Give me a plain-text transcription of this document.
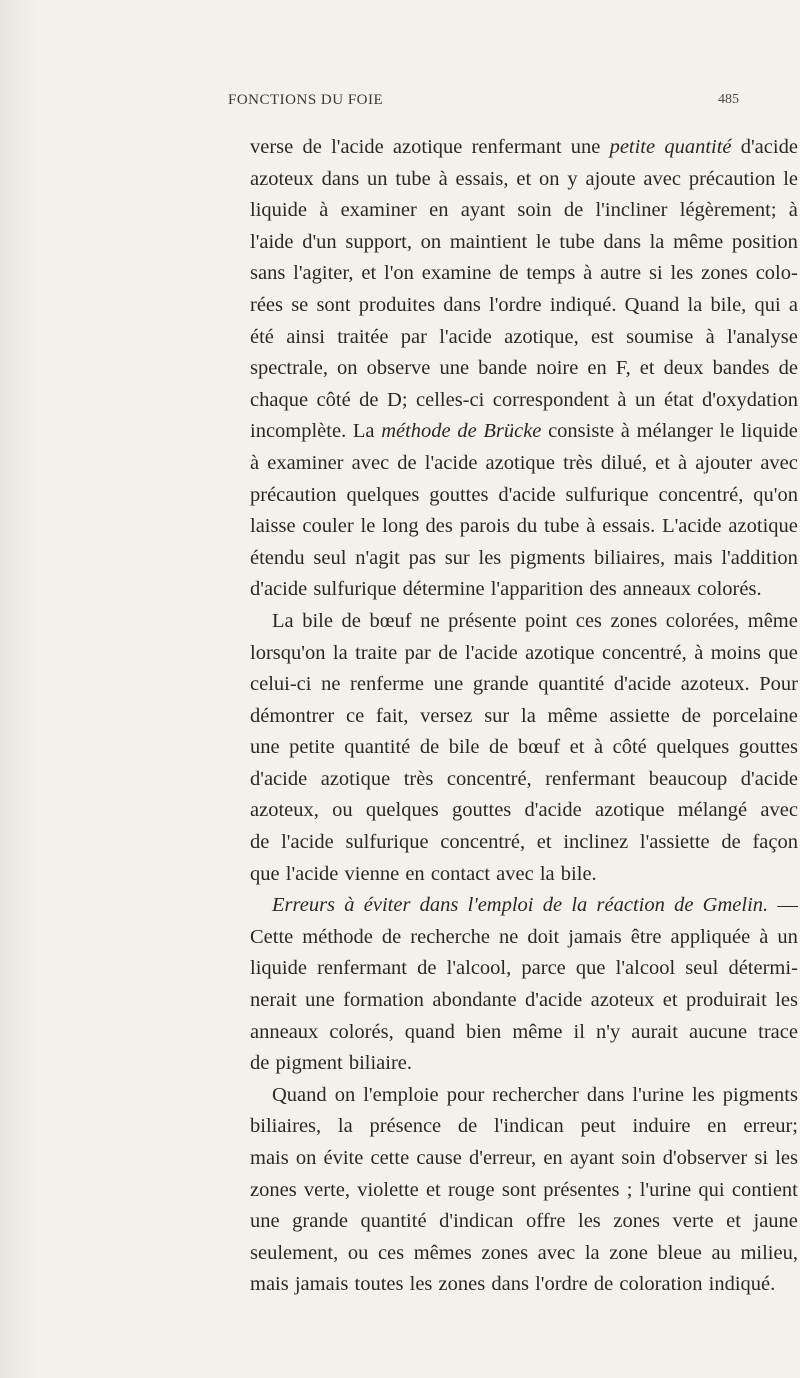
FONCTIONS DU FOIE	485
verse de l'acide azotique renfermant une petite quantité d'acide
azoteux dans un tube à essais, et on y ajoute avec précaution le
liquide à examiner en ayant soin de l'incliner légèrement; à
l'aide d'un support, on maintient le tube dans la même position
sans l'agiter, et l'on examine de temps à autre si les zones colo-
rées se sont produites dans l'ordre indiqué. Quand la bile, qui a
été ainsi traitée par l'acide azotique, est soumise à l'analyse
spectrale, on observe une bande noire en F, et deux bandes de
chaque côté de D; celles-ci correspondent à un état d'oxydation
incomplète. La méthode de Brücke consiste à mélanger le liquide
à examiner avec de l'acide azotique très dilué, et à ajouter avec
précaution quelques gouttes d'acide sulfurique concentré, qu'on
laisse couler le long des parois du tube à essais. L'acide azotique
étendu seul n'agit pas sur les pigments biliaires, mais l'addition
d'acide sulfurique détermine l'apparition des anneaux colorés.
La bile de bœuf ne présente point ces zones colorées, même
lorsqu'on la traite par de l'acide azotique concentré, à moins que
celui-ci ne renferme une grande quantité d'acide azoteux. Pour
démontrer ce fait, versez sur la même assiette de porcelaine
une petite quantité de bile de bœuf et à côté quelques gouttes
d'acide azotique très concentré, renfermant beaucoup d'acide
azoteux, ou quelques gouttes d'acide azotique mélangé avec
de l'acide sulfurique concentré, et inclinez l'assiette de façon
que l'acide vienne en contact avec la bile.
Erreurs à éviter dans l'emploi de la réaction de Gmelin. —
Cette méthode de recherche ne doit jamais être appliquée à un
liquide renfermant de l'alcool, parce que l'alcool seul détermi-
nerait une formation abondante d'acide azoteux et produirait les
anneaux colorés, quand bien même il n'y aurait aucune trace
de pigment biliaire.
Quand on l'emploie pour rechercher dans l'urine les pigments
biliaires, la présence de l'indican peut induire en erreur;
mais on évite cette cause d'erreur, en ayant soin d'observer si les
zones verte, violette et rouge sont présentes ; l'urine qui contient
une grande quantité d'indican offre les zones verte et jaune
seulement, ou ces mêmes zones avec la zone bleue au milieu,
mais jamais toutes les zones dans l'ordre de coloration indiqué.
